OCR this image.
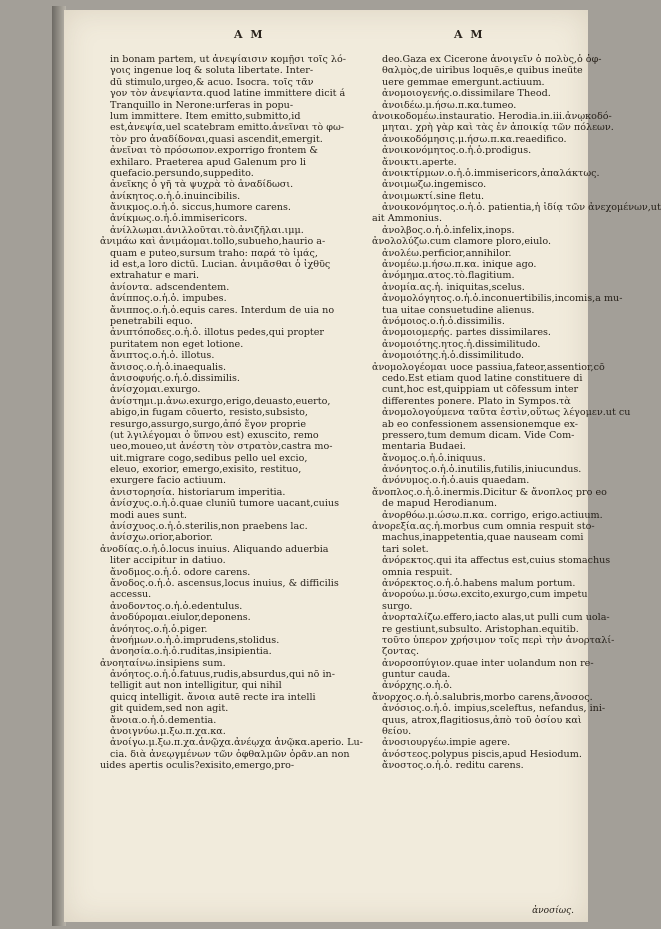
A M	A M
in bonam partem, ut ἀνεψίαισιν κομῇσι τοῖς λό-
γοις ingenue loq & soluta libertate. Inter-
dū stimulo,urgeo,& acuo. Isocra. τοῖς τᾶν
γον τὸν ἀνεψίαντα.quod latine immittere dicit á
Tranquillo in Nerone:urferas in popu-
lum immittere. Item emitto,submitto,id
est,ἀνεψία,uel scatebram emitto.ἀνεῖναι τὸ φω-
τὸν pro ἀναδίδοναι,quasi ascendit,emergit.
ἀνεῖναι τὸ πρόσωπον.exporrigo frontem &
exhilaro. Praeterea apud Galenum pro li
quefacio.persundo,suppedito.
ἀνεῖκης ὁ γῆ τὰ ψυχρὰ τὸ ἀναδίδωσι.
ἀνίκητος.ο.ἡ.ὁ.inuincibilis.
ἄνικμος.ο.ἡ.ὁ. siccus,humore carens.
ἀνίκμως.ο.ἡ.ὁ.immisericors.
ἀνίλλωμαι.ἀνιλλοῦται.τὸ.ἀνιζῆλαι.ιμμ.
ἀνιμάω καὶ ἀνιμάομαι.tollo,subueho,haurio a-
quam e puteo,sursum traho: παρά τὸ ἱμάς,
id est,a loro dictū. Lucian. ἀνιμᾶσθαι ὁ ἰχθῦς
extrahatur e mari.
ἀνίοντα. adscendentem.
ἀνίππος.ο.ἡ.ὁ. impubes.
ἄνιππος.ο.ἡ.ὁ.equis cares. Interdum de uia no
penetrabili equo.
ἀνιπτόποδες.ο.ἡ.ὁ. illotus pedes,qui propter
puritatem non eget lotione.
ἄνιπτος.ο.ἡ.ὁ. illotus.
ἄνισος.ο.ἡ.ὁ.inaequalis.
ἀνισοφυής.ο.ἡ.ὁ.dissimilis.
ἀνίσχομαι.exurgo.
ἀνίστημι.μ.ἀνω.exurgo,erigo,deuasto,euerto,
abigo,in fugam cōuerto, resisto,subsisto,
resurgo,assurgo,surgo,ἀπό ἕγον proprie
(ut λγιλέγομαι ὁ ὕπνου est) exuscito, remo
ueo,moueo,ut ἀνέστη τὸν στρατὸν,castra mo-
uit.migrare cogo,sedibus pello uel excio,
eleuo, exorior, emergo,exisito, restituo,
exurgere facio actiuum.
ἀνιστορησία. historiarum imperitia.
ἀνίσχυς.ο.ἡ.ὁ.quae cluniū tumore uacant,cuius
modi aues sunt.
ἀνίσχυος.ο.ἡ.ὁ.sterilis,non praebens lac.
ἀνίσχω.orior,aborior.
ἀνοδίας.ο.ἡ.ὁ.locus inuius. Aliquando aduerbia
liter accipitur in datiuo.
ἄνοδμος.ο.ἡ.ὁ. odore carens.
ἄνοδος.ο.ἡ.ὁ. ascensus,locus inuius, & difficilis
accessu.
ἀνοδοντος.ο.ἡ.ὁ.edentulus.
ἀνοδύρομαι.eiulor,deponens.
ἀνόητος.ο.ἡ.ὁ.piger.
ἀνοήμων.ο.ἡ.ὁ.imprudens,stolidus.
ἀνοησία.ο.ἡ.ὁ.ruditas,insipientia.
ἀνοηταίνω.insipiens sum.
ἀνόητος.ο.ἡ.ὁ.fatuus,rudis,absurdus,qui nō in-
telligit aut non intelligitur, qui nihil
quicq intelligit. ἄνοια autē recte ira intelli
git quidem,sed non agit.
ἄνοια.ο.ἡ.ὁ.dementia.
ἀνοιγνύω.μ.ξω.π.χα.κα.
ἀνοίγω.μ.ξω.π.χα.ἀνῷχα.ἀνέῳχα ἀνῷκα.aperio. Lu-
cia. διὰ ἀνεῳγμένων τῶν ὀφθαλμῶν ὁρᾶν.an non
uides apertis oculis?exisito,emergo,pro-
deo.Gaza ex Cicerone ἀνοιγεῖν ὁ πολὺς,ὁ ὀφ-
θαλμὸς,de uiribus loquēs,e quibus ineūte
uere gemmae emergunt.actiuum.
ἀνομοιογενής.ο.dissimilare Theod.
ἀνοιδέω.μ.ήσω.π.κα.tumeo.
ἀνοικοδομέω.instauratio. Herodia.in.iii.ἀνῳκοδό-
μηται. χρὴ γὰρ καὶ τὰς ἐν ἀποικίᾳ τῶν πόλεων.
ἀνοικοδόμησις.μ.ήσω.π.κα.reaedifico.
ἀνοικονόμητος.ο.ἡ.ὁ.prodigus.
ἄνοικτι.aperte.
ἀνοικτίρμων.ο.ἡ.ὁ.immisericors,ἀπαλάκτως.
ἀνοιμωζω.ingemisco.
ἀνοιμωκτί.sine fletu.
ἀνοικονόμητος.ο.ἡ.ὁ. patientia,ἡ ἰδίᾳ τῶν ἀνεχομένων,ut
ait Ammonius.
ἀνολβος.ο.ἡ.ὁ.infelix,inops.
ἀνολολύζω.cum clamore ploro,eiulo.
ἀνολέω.perficior,annihilor.
ἀνομέω.μ.ήσω.π.κα. inique ago.
ἀνόμημα.ατος.τὸ.flagitium.
ἀνομία.ας.ἡ. iniquitas,scelus.
ἀνομολόγητος.ο.ἡ.ὁ.inconuertibilis,incomis,a mu-
tua uitae consuetudine alienus.
ἀνόμοιος.ο.ἡ.ὁ.dissimilis.
ἀνομοιομερής. partes dissimilares.
ἀνομοιότης.ητος.ἡ.dissimilitudo.
ἀνομοιότης.ἡ.ὁ.dissimilitudo.
ἀνομολογέομαι uoce passiua,fateor,assentior,cō
cedo.Est etiam quod latine constituere di
cunt,hoc est,quippiam ut cōfessum inter
differentes ponere. Plato in Sympos.τὰ
ἀνομολογούμενα ταῦτα ἐστὶν,οὕτως λέγομεν.ut cu
ab eo confessionem assensionemque ex-
pressero,tum demum dicam. Vide Com-
mentaria Budaei.
ἄνομος.ο.ἡ.ὁ.iniquus.
ἀνόνητος.ο.ἡ.ὁ.inutilis,futilis,iniucundus.
ἀνόνυμος.ο.ἡ.ὁ.auis quaedam.
ἄνοπλος.ο.ἡ.ὁ.inermis.Dicitur & ἄνοπλος pro eo
de mapud Herodianum.
ἀνορθόω.μ.ώσω.π.κα. corrigo, erigo.actiuum.
ἀνορεξία.ας.ἡ.morbus cum omnia respuit sto-
machus,inappetentia,quae nauseam comi
tari solet.
ἀνόρεκτος.qui ita affectus est,cuius stomachus
omnia respuit.
ἀνόρεκτος.ο.ἡ.ὁ.habens malum portum.
ἀνορούω.μ.ύσω.excito,exurgo,cum impetu
surgo.
ἀνορταλίζω.effero,iacto alas,ut pulli cum uola-
re gestiunt,subsulto. Aristophan.equitib.
τοῦτο ὑπερον χρήσιμον τοῖς περὶ τὴν ἀνορταλί-
ζοντας.
ἀνορσοπύγιον.quae inter uolandum non re-
guntur cauda.
ἀνόρχης.ο.ἡ.ὁ.
ἄνορχος.ο.ἡ.ὁ.salubris,morbo carens,ἄνοσος.
ἀνόσιος.ο.ἡ.ὁ. impius,sceleftus, nefandus, ini-
quus, atrox,flagitiosus,ἀπὸ τοῦ ὁσίου καὶ
θείου.
ἀνοσιουργέω.impie agere.
ἀνόστεος.polypus piscis,apud Hesiodum.
ἄνοστος.ο.ἡ.ὁ. reditu carens.
ἀνοσίως.
